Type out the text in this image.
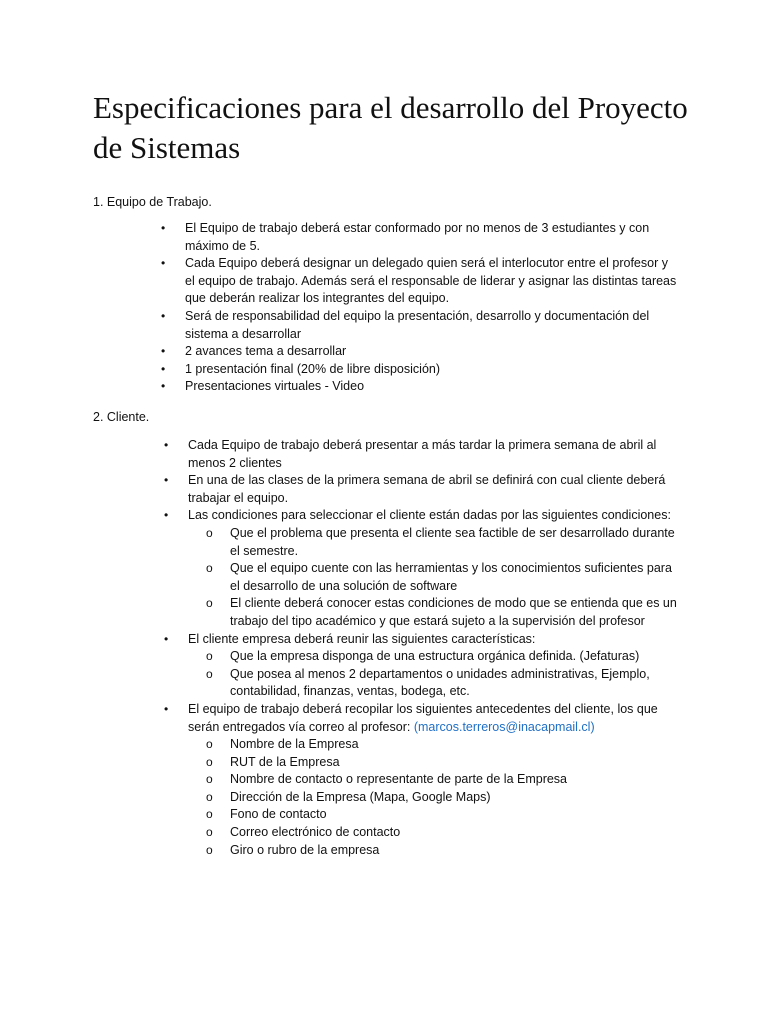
Especificaciones para el desarrollo del Proyecto de Sistemas

1. Equipo de Trabajo.

• El Equipo de trabajo deberá estar conformado por no menos de 3 estudiantes y con máximo de 5.
• Cada Equipo deberá designar un delegado quien será el interlocutor entre el profesor y el equipo de trabajo. Además será el responsable de liderar y asignar las distintas tareas que deberán realizar los integrantes del equipo.
• Será de responsabilidad del equipo la presentación, desarrollo y documentación del sistema a desarrollar
• 2 avances tema a desarrollar
• 1 presentación final (20% de libre disposición)
• Presentaciones virtuales - Video

2. Cliente.

• Cada Equipo de trabajo deberá presentar a más tardar la primera semana de abril al menos 2 clientes
• En una de las clases de la primera semana de abril se definirá con cual cliente deberá trabajar el equipo.
• Las condiciones para seleccionar el cliente están dadas por las siguientes condiciones:
o Que el problema que presenta el cliente sea factible de ser desarrollado durante el semestre.
o Que el equipo cuente con las herramientas y los conocimientos suficientes para el desarrollo de una solución de software
o El cliente deberá conocer estas condiciones de modo que se entienda que es un trabajo del tipo académico y que estará sujeto a la supervisión del profesor
• El cliente empresa deberá reunir las siguientes características:
o Que la empresa disponga de una estructura orgánica definida. (Jefaturas)
o Que posea al menos 2 departamentos o unidades administrativas, Ejemplo, contabilidad, finanzas, ventas, bodega, etc.
• El equipo de trabajo deberá recopilar los siguientes antecedentes del cliente, los que serán entregados vía correo al profesor: (marcos.terreros@inacapmail.cl)
o Nombre de la Empresa
o RUT de la Empresa
o Nombre de contacto o representante de parte de la Empresa
o Dirección de la Empresa (Mapa, Google Maps)
o Fono de contacto
o Correo electrónico de contacto
o Giro o rubro de la empresa
